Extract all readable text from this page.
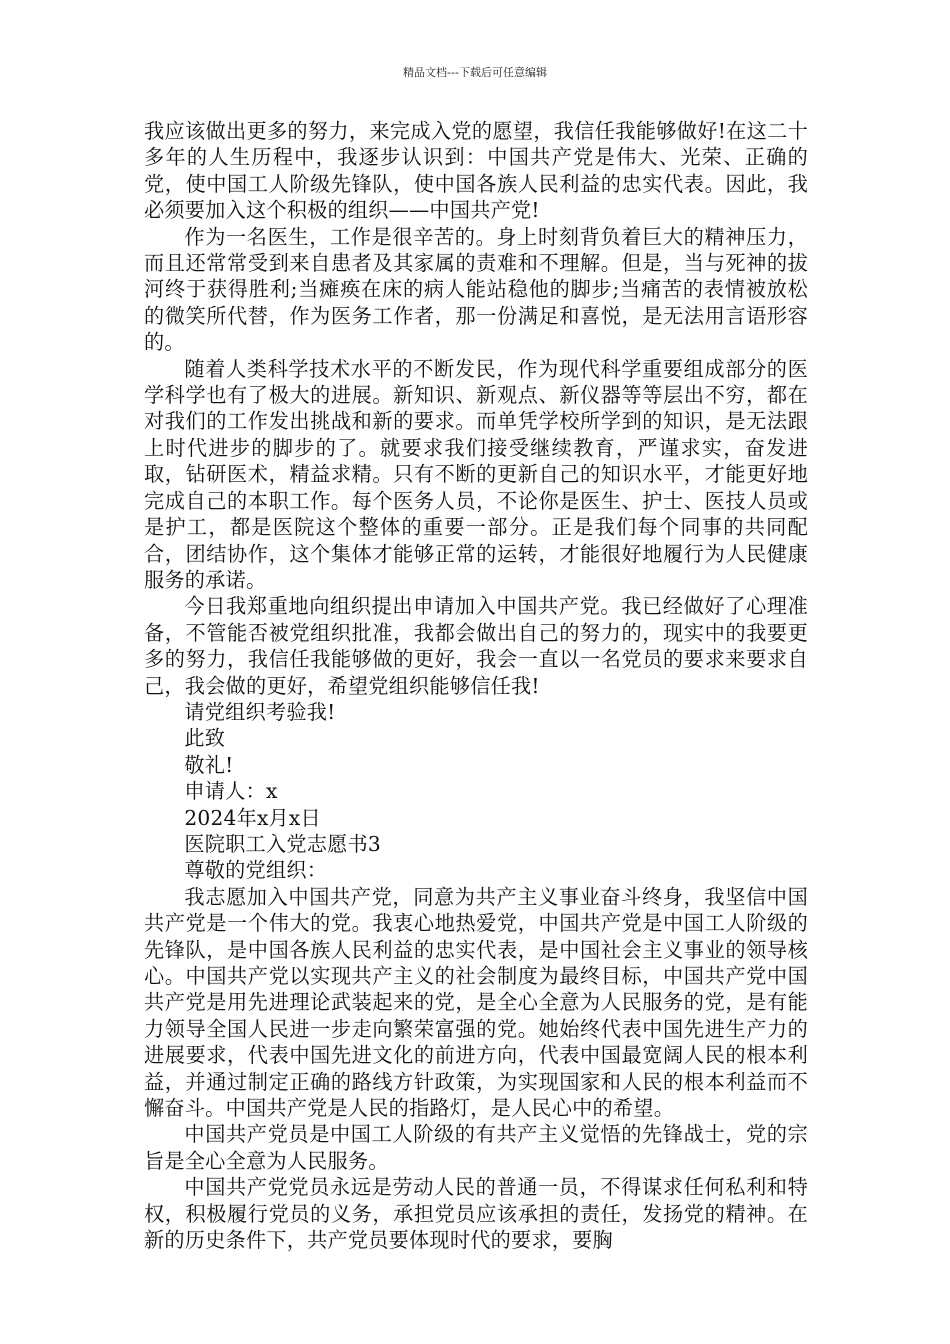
精品文档---下载后可任意编辑

我应该做出更多的努力，来完成入党的愿望，我信任我能够做好!在这二十多年的人生历程中，我逐步认识到：中国共产党是伟大、光荣、正确的党，使中国工人阶级先锋队，使中国各族人民利益的忠实代表。因此，我必须要加入这个积极的组织——中国共产党!

作为一名医生，工作是很辛苦的。身上时刻背负着巨大的精神压力，而且还常常受到来自患者及其家属的责难和不理解。但是，当与死神的拔河终于获得胜利;当瘫痪在床的病人能站稳他的脚步;当痛苦的表情被放松的微笑所代替，作为医务工作者，那一份满足和喜悦，是无法用言语形容的。

随着人类科学技术水平的不断发民，作为现代科学重要组成部分的医学科学也有了极大的进展。新知识、新观点、新仪器等等层出不穷，都在对我们的工作发出挑战和新的要求。而单凭学校所学到的知识，是无法跟上时代进步的脚步的了。就要求我们接受继续教育，严谨求实，奋发进取，钻研医术，精益求精。只有不断的更新自己的知识水平，才能更好地完成自己的本职工作。每个医务人员，不论你是医生、护士、医技人员或是护工，都是医院这个整体的重要一部分。正是我们每个同事的共同配合，团结协作，这个集体才能够正常的运转，才能很好地履行为人民健康服务的承诺。

今日我郑重地向组织提出申请加入中国共产党。我已经做好了心理准备，不管能否被党组织批准，我都会做出自己的努力的，现实中的我要更多的努力，我信任我能够做的更好，我会一直以一名党员的要求来要求自己，我会做的更好，希望党组织能够信任我!

请党组织考验我!

此致

敬礼!

申请人：x

2024年x月x日

医院职工入党志愿书3

尊敬的党组织：

我志愿加入中国共产党，同意为共产主义事业奋斗终身，我坚信中国共产党是一个伟大的党。我衷心地热爱党，中国共产党是中国工人阶级的先锋队，是中国各族人民利益的忠实代表，是中国社会主义事业的领导核心。中国共产党以实现共产主义的社会制度为最终目标，中国共产党中国共产党是用先进理论武装起来的党，是全心全意为人民服务的党，是有能力领导全国人民进一步走向繁荣富强的党。她始终代表中国先进生产力的进展要求，代表中国先进文化的前进方向，代表中国最宽阔人民的根本利益，并通过制定正确的路线方针政策，为实现国家和人民的根本利益而不懈奋斗。中国共产党是人民的指路灯，是人民心中的希望。

中国共产党员是中国工人阶级的有共产主义觉悟的先锋战士，党的宗旨是全心全意为人民服务。

中国共产党党员永远是劳动人民的普通一员，不得谋求任何私利和特权，积极履行党员的义务，承担党员应该承担的责任，发扬党的精神。在新的历史条件下，共产党员要体现时代的要求，要胸
